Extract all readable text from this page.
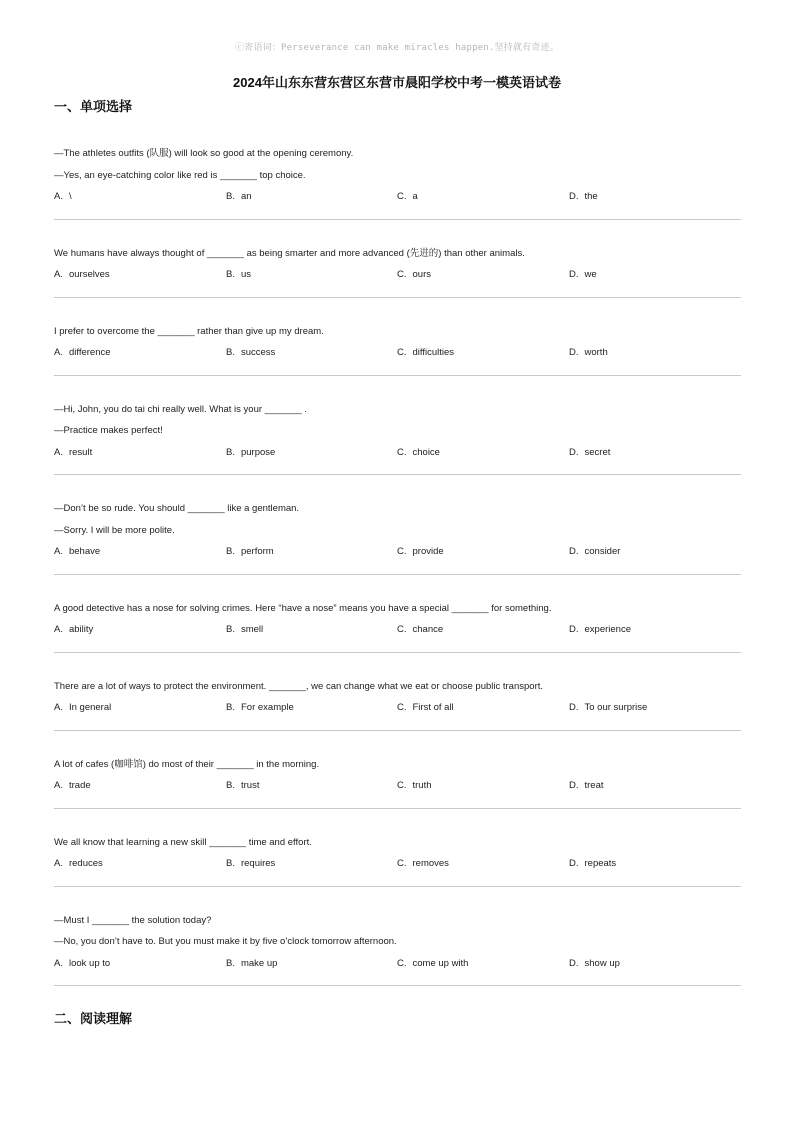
ⓒ寄语词：Perseverance can make miracles happen.坚持就有奇迹。
2024年山东东营东营区东营市晨阳学校中考一模英语试卷
一、单项选择
—The athletes outfits (队服) will look so good at the opening ceremony.
—Yes, an eye-catching color like red is _______ top choice.
A. \	B. an	C. a	D. the
We humans have always thought of _______ as being smarter and more advanced (先进的) than other animals.
A. ourselves	B. us	C. ours	D. we
I prefer to overcome the _______ rather than give up my dream.
A. difference	B. success	C. difficulties	D. worth
—Hi, John, you do tai chi really well. What is your _______ .
—Practice makes perfect!
A. result	B. purpose	C. choice	D. secret
—Don’t be so rude. You should _______ like a gentleman.
—Sorry. I will be more polite.
A. behave	B. perform	C. provide	D. consider
A good detective has a nose for solving crimes. Here “have a nose” means you have a special _______ for something.
A. ability	B. smell	C. chance	D. experience
There are a lot of ways to protect the environment. _______, we can change what we eat or choose public transport.
A. In general	B. For example	C. First of all	D. To our surprise
A lot of cafes (咖啡馆) do most of their _______ in the morning.
A. trade	B. trust	C. truth	D. treat
We all know that learning a new skill _______ time and effort.
A. reduces	B. requires	C. removes	D. repeats
—Must I _______ the solution today?
—No, you don’t have to. But you must make it by five o’clock tomorrow afternoon.
A. look up to	B. make up	C. come up with	D. show up
二、阅读理解
